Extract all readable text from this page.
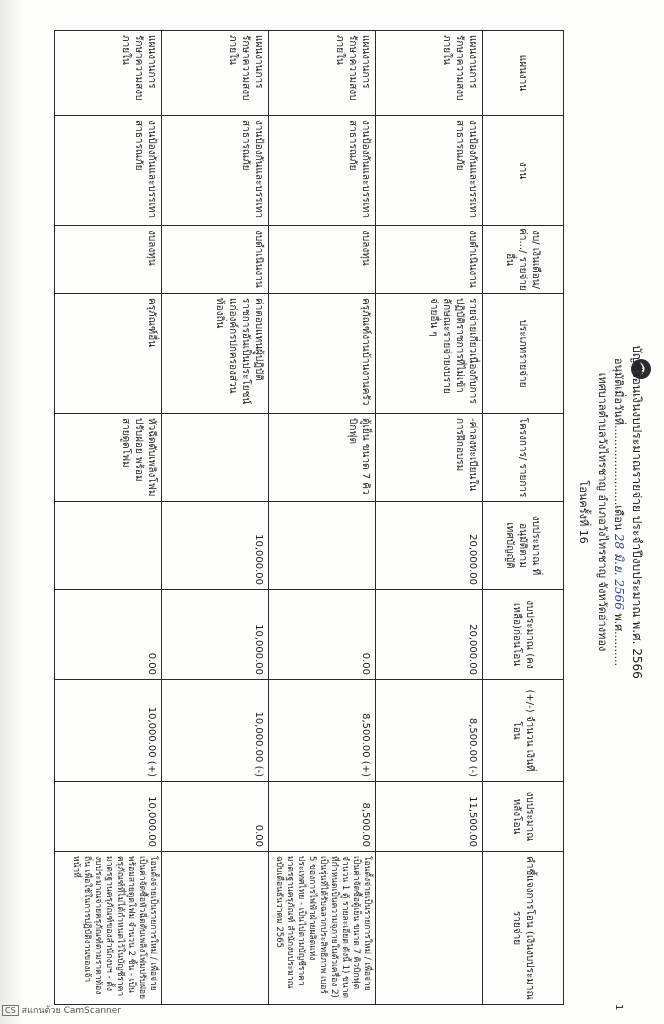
บัญชีโอนเงินงบประมาณรายจ่าย ประจำปีงบประมาณ พ.ศ. 2566
อนุมัติเมื่อวันที่.......................เดือน 28 มิ.ย. 2566 พ.ศ..........
เทศบาลตำบลวังไทรชาญ อำเภอวังไทรชาญ จังหวัดอ่างทอง
โอนครั้งที่ 16
1
แผนงาน	งาน	งบ/ เงินเดือน/ ค่า.../ รายจ่ายอื่น	ประเภทรายจ่าย	โครงการ/ รายการ	งบประมาณ ที่อนุมัติตาม เทศบัญญัติ	งบประมาณ (คงเหลือ)ก่อนโอน	(+/-) จำนวน เงินที่โอน	งบประมาณ หลังโอน	คำชี้แจงการโอน (เงินงบประมาณรายจ่าย
แผนงานการรักษาความสงบภายใน	งานป้องกันและบรรเทาสาธารณภัย	งบดำเนินงาน	รายจ่ายเกี่ยวเนื่องกับการปฏิบัติราชการที่ไม่เข้าลักษณะรายจ่ายงบรายจ่ายอื่น ๆ	-ค่าลงทะเบียนในการฝึกอบรม	20,000.00	20,000.00	8,500.00 (-)	11,500.00	
แผนงานการรักษาความสงบภายใน	งานป้องกันและบรรเทาสาธารณภัย	งบลงทุน	ครุภัณฑ์งานบ้านงานครัว	ตู้เย็น ขนาด 7 คิวบิกฟุต		0.00	8,500.00 (+)	8,500.00	โอนตั้งจ่ายเป็นรายการใหม่ / เพื่อจ่ายเป็นค่าจัดซื้อตู้เย็น ขนาด 7 คิวบิกฟุต จำนวน 1 ตู้ รายละเอียด ดังนี้ 1) ขนาดที่กำหนดเป็นความจุภายในตัวเครื่อง 2) เป็นรุ่นที่ได้รับฉลากประสิทธิภาพ เบอร์ 5 ของการไฟฟ้าฝ่ายผลิตแห่งประเทศไทย - เป็นไปตามบัญชีราคามาตรฐานครุภัณฑ์ สำนักงบประมาณ ฉบับเดือนธันวาคม 2565
แผนงานการรักษาความสงบภายใน	งานป้องกันและบรรเทาสาธารณภัย	งบดำเนินงาน	ค่าตอบแทนผู้ปฏิบัติราชการอันเป็นประโยชน์แก่องค์กรปกครองส่วนท้องถิ่น		10,000.00	10,000.00	10,000.00 (-)	0.00	
แผนงานการรักษาความสงบภายใน	งานป้องกันและบรรเทาสาธารณภัย	งบลงทุน	ครุภัณฑ์อื่น	หัวฉีดดับเพลิงโฟมปรับฝอย พร้อมสายดูดโฟม		0.00	10,000.00 (+)	10,000.00	โอนตั้งจ่ายเป็นรายการใหม่ / เพื่อจ่ายเป็นค่าจัดซื้อหัวฉีดดับเพลิงโฟมปรับฝอย พร้อมสายดูดโฟม จำนวน 2 ชิ้น - เป็นครุภัณฑ์ที่ไม่ได้กำหนดไว้ในบัญชีราคามาตรฐานครุภัณฑ์ของสำนักงบฯ - ตั้งงบประมาณจ่ายครุภัณฑ์ตามราคาท้องถิ่น เพื่อใช้ในการปฏิบัติงานของเจ้าหน้าที่
CS สแกนด้วย CamScanner
